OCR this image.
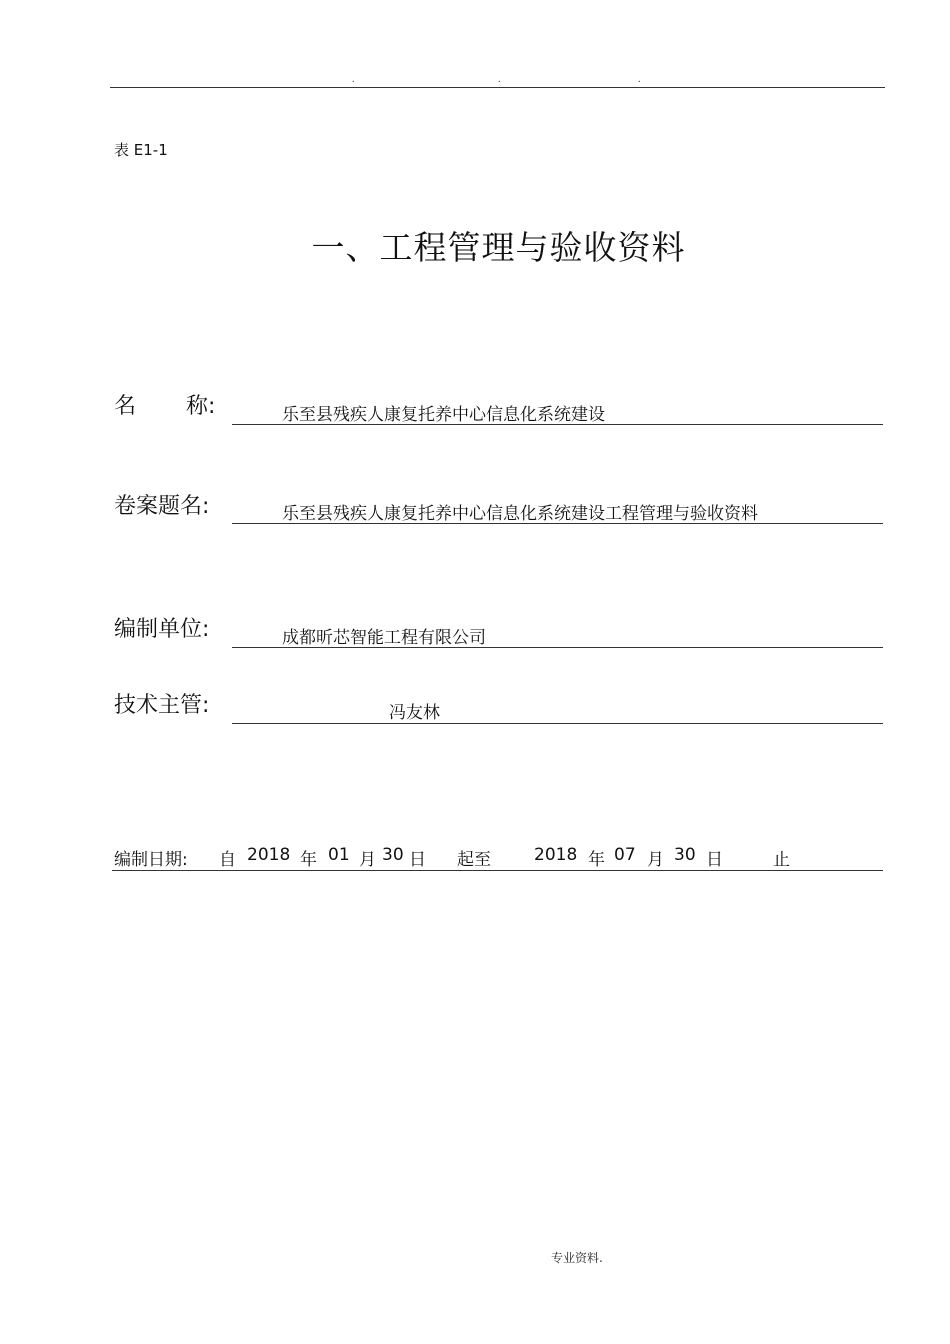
.	.	.
表 E1-1
一、工程管理与验收资料
名 称:	乐至县残疾人康复托养中心信息化系统建设
卷案题名:	乐至县残疾人康复托养中心信息化系统建设工程管理与验收资料
编制单位:	成都昕芯智能工程有限公司
技术主管:	冯友林
编制日期: 自 2018 年 01 月 30 日 起至	2018 年 07 月 30 日	止
专业资料.
